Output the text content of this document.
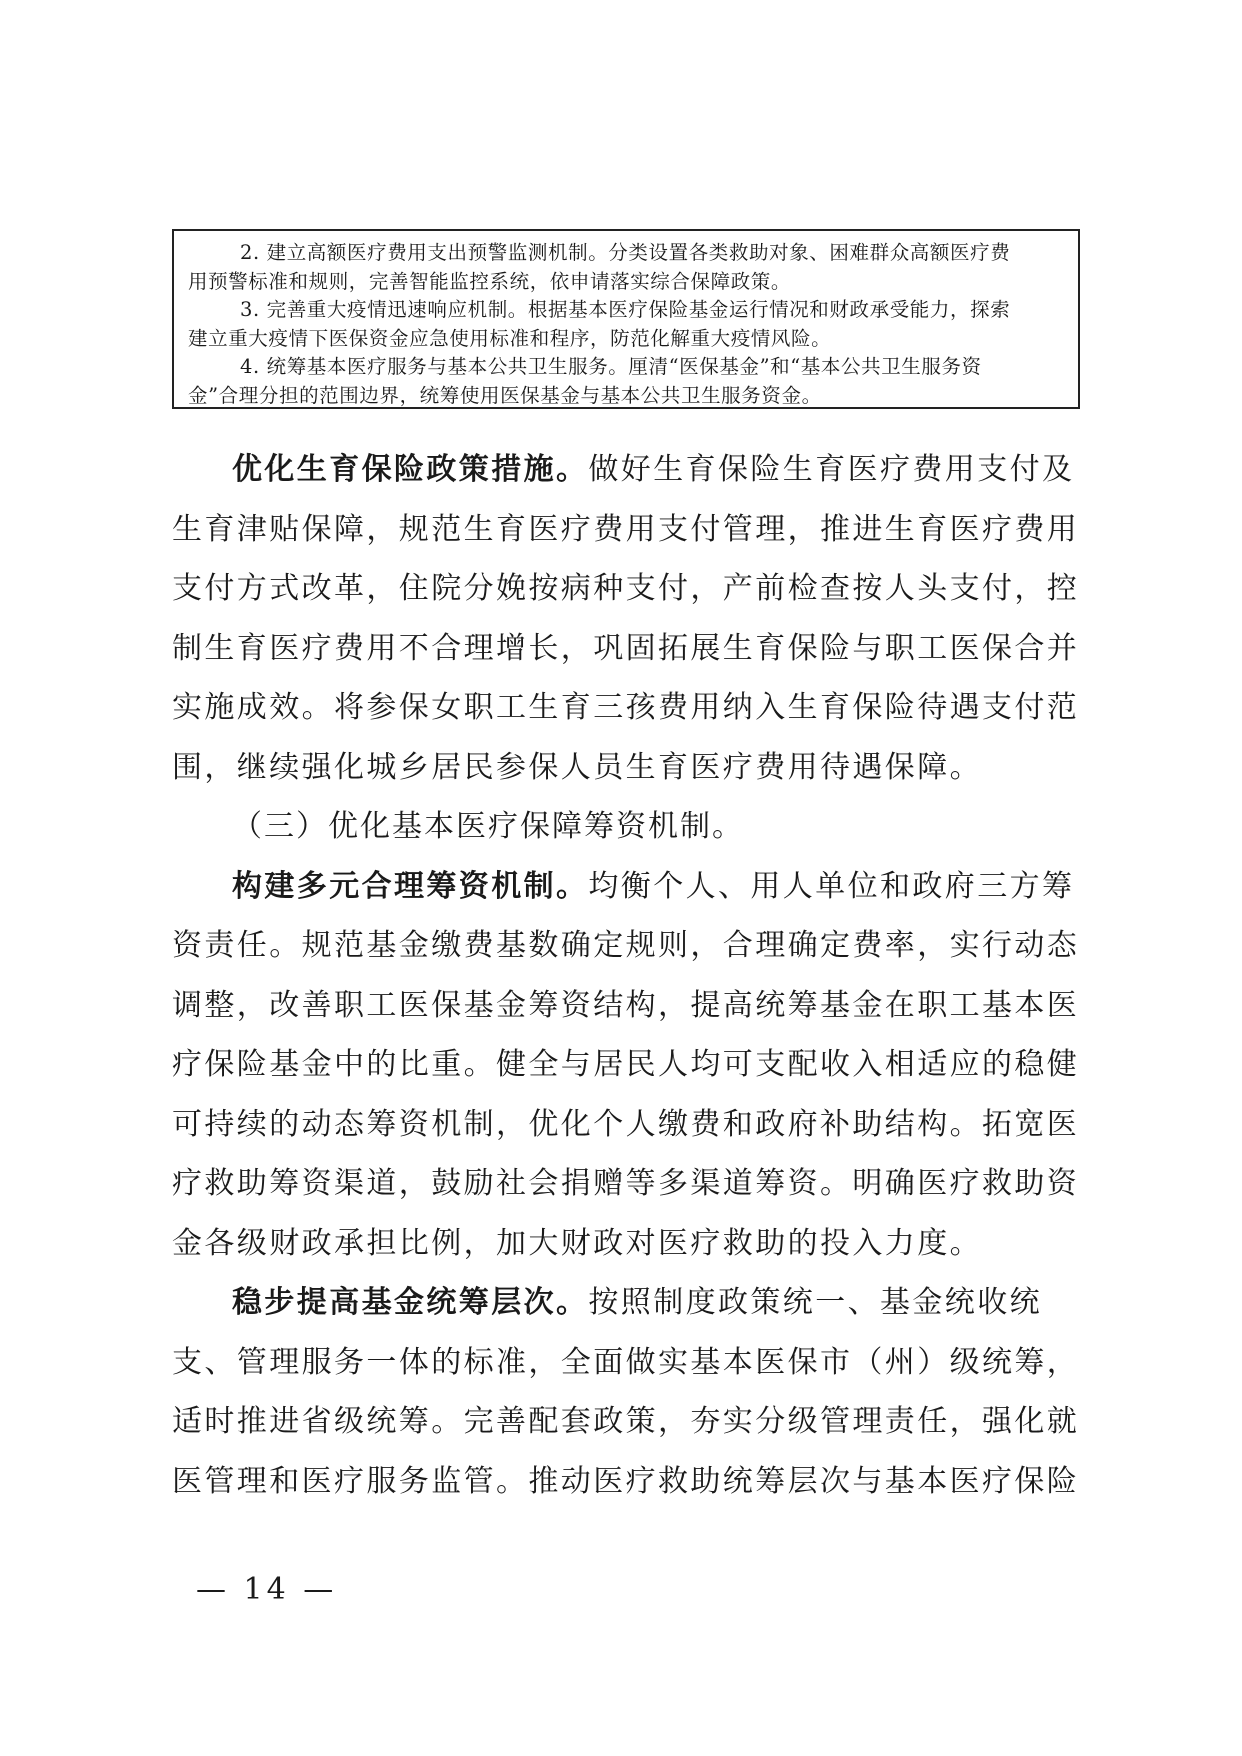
2. 建立高额医疗费用支出预警监测机制。分类设置各类救助对象、困难群众高额医疗费
用预警标准和规则，完善智能监控系统，依申请落实综合保障政策。
3. 完善重大疫情迅速响应机制。根据基本医疗保险基金运行情况和财政承受能力，探索
建立重大疫情下医保资金应急使用标准和程序，防范化解重大疫情风险。
4. 统筹基本医疗服务与基本公共卫生服务。厘清“医保基金”和“基本公共卫生服务资
金”合理分担的范围边界，统筹使用医保基金与基本公共卫生服务资金。
优化生育保险政策措施。做好生育保险生育医疗费用支付及
生育津贴保障，规范生育医疗费用支付管理，推进生育医疗费用
支付方式改革，住院分娩按病种支付，产前检查按人头支付，控
制生育医疗费用不合理增长，巩固拓展生育保险与职工医保合并
实施成效。将参保女职工生育三孩费用纳入生育保险待遇支付范
围，继续强化城乡居民参保人员生育医疗费用待遇保障。
（三）优化基本医疗保障筹资机制。
构建多元合理筹资机制。均衡个人、用人单位和政府三方筹
资责任。规范基金缴费基数确定规则，合理确定费率，实行动态
调整，改善职工医保基金筹资结构，提高统筹基金在职工基本医
疗保险基金中的比重。健全与居民人均可支配收入相适应的稳健
可持续的动态筹资机制，优化个人缴费和政府补助结构。拓宽医
疗救助筹资渠道，鼓励社会捐赠等多渠道筹资。明确医疗救助资
金各级财政承担比例，加大财政对医疗救助的投入力度。
稳步提高基金统筹层次。按照制度政策统一、基金统收统
支、管理服务一体的标准，全面做实基本医保市（州）级统筹，
适时推进省级统筹。完善配套政策，夯实分级管理责任，强化就
医管理和医疗服务监管。推动医疗救助统筹层次与基本医疗保险
— 14 —
